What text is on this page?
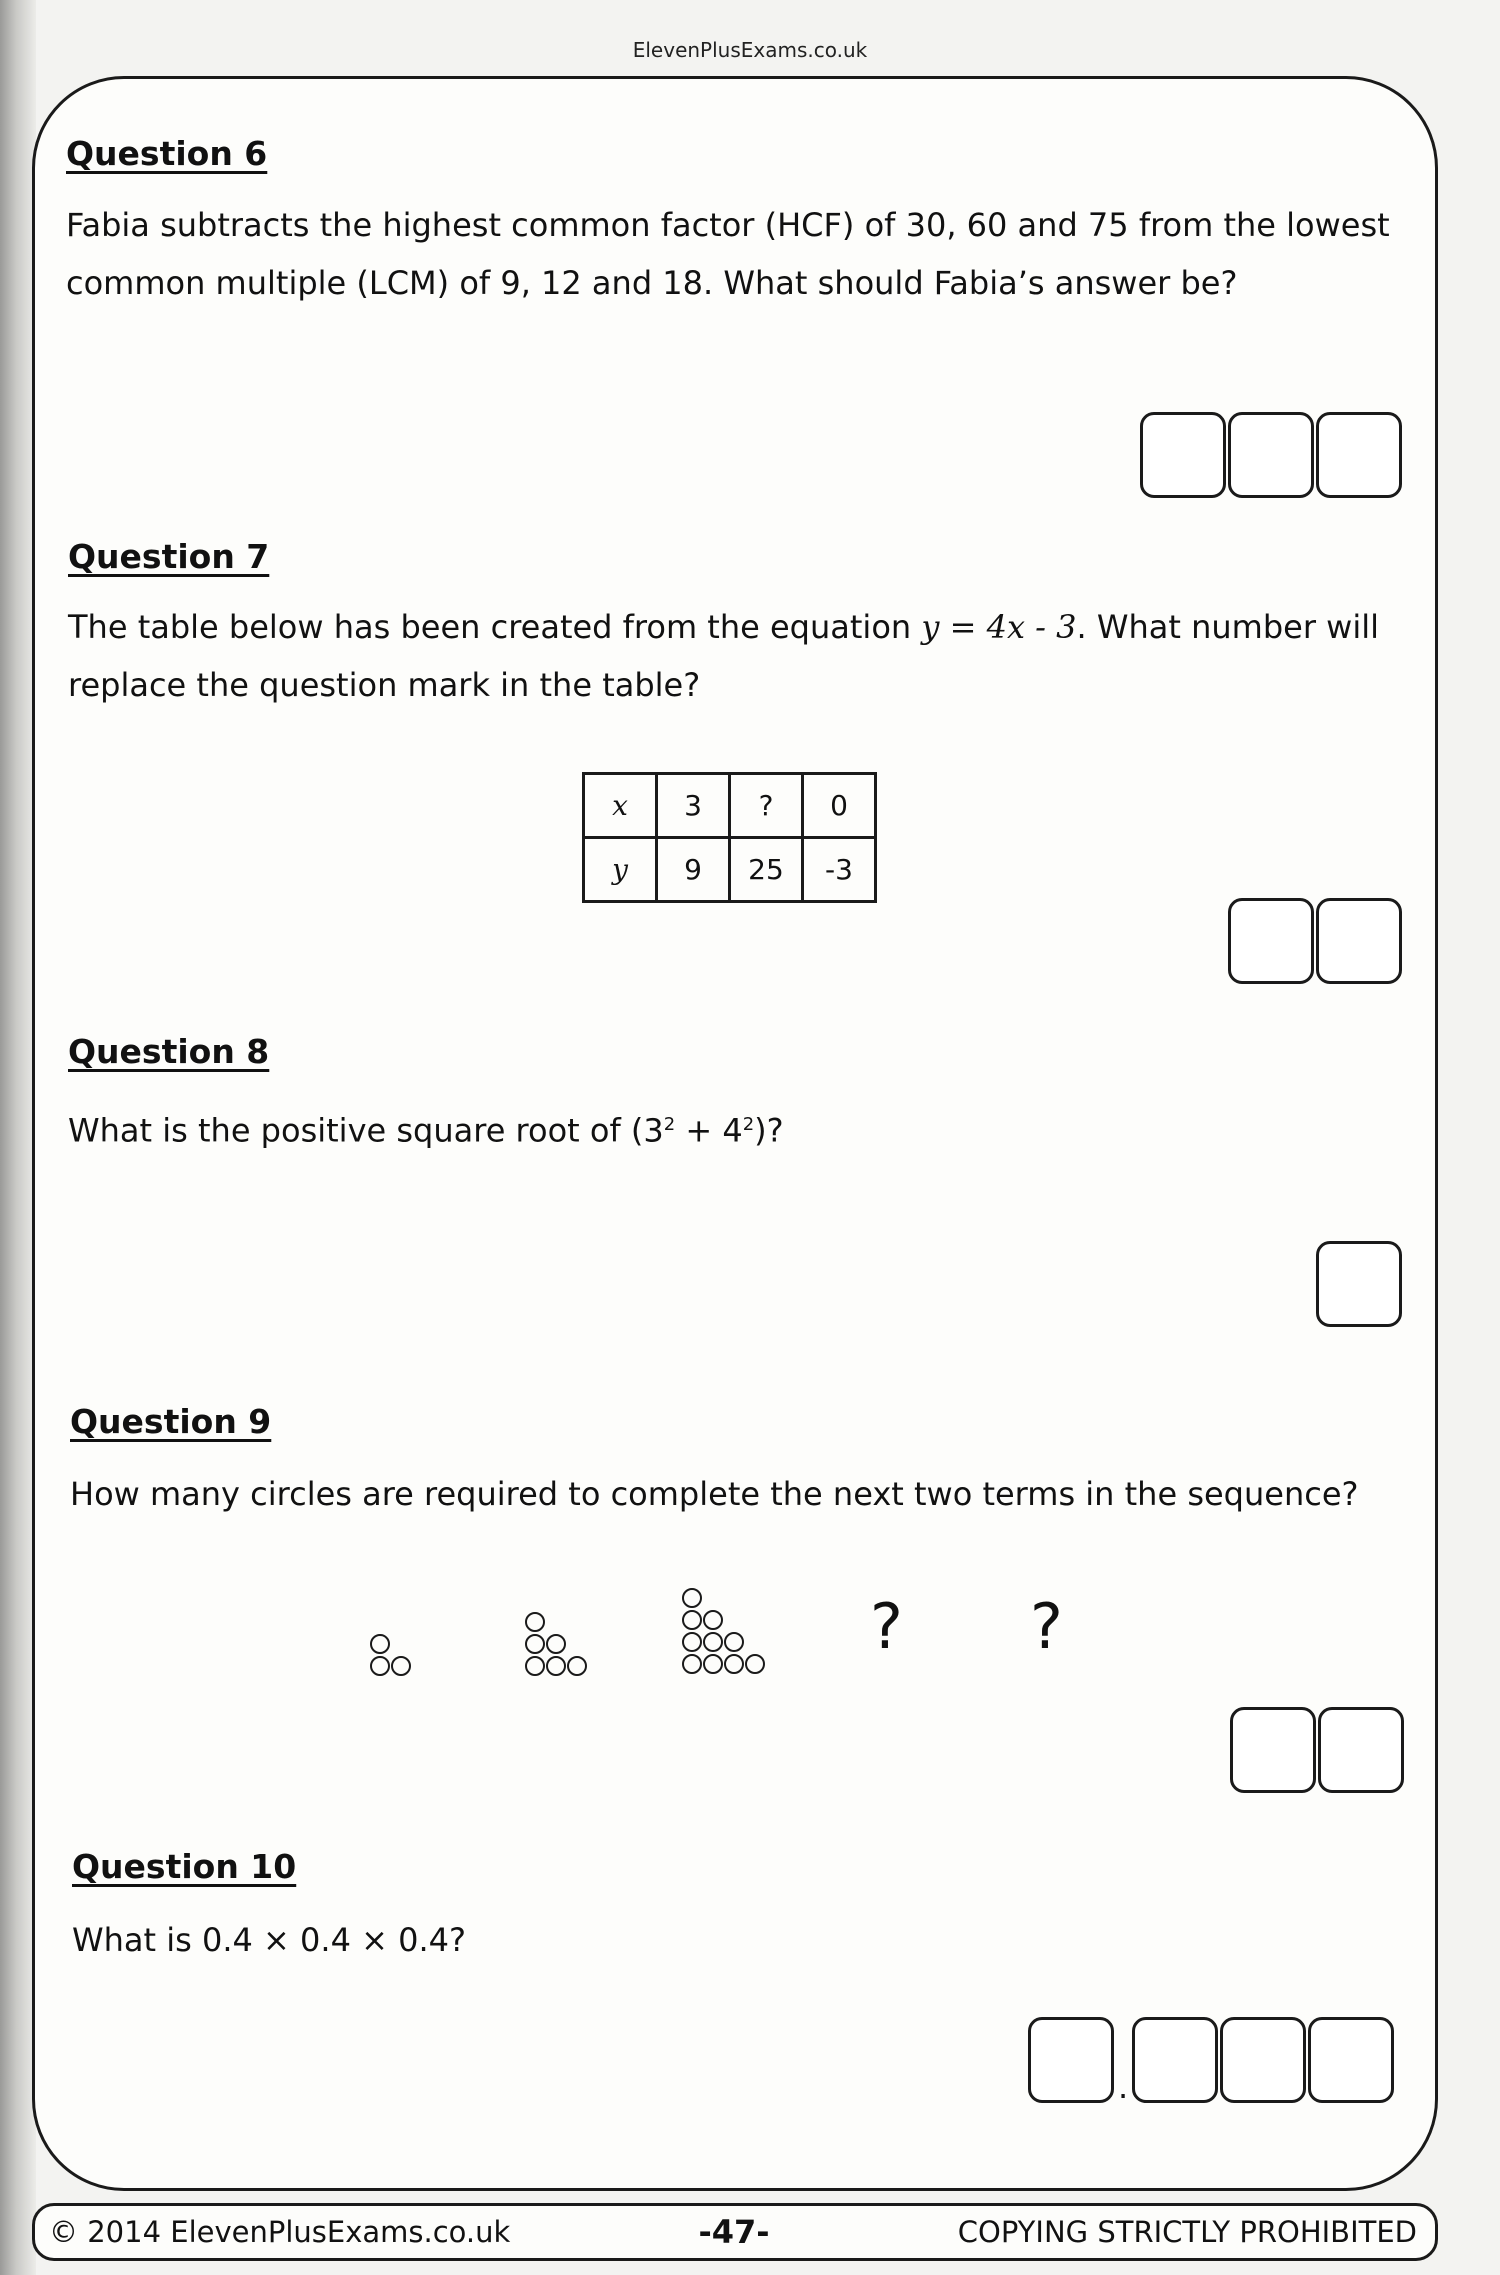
ElevenPlusExams.co.uk
Question 6
Fabia subtracts the highest common factor (HCF) of 30, 60 and 75 from the lowest
common multiple (LCM) of 9, 12 and 18. What should Fabia’s answer be?
Question 7
The table below has been created from the equation y = 4x - 3. What number will
replace the question mark in the table?
x	3	?	0
y	9	25	-3
Question 8
What is the positive square root of $(3^2 + 4^2)$?
Question 9
How many circles are required to complete the next two terms in the sequence?
? ?
Question 10
What is 0.4 × 0.4 × 0.4?
.
© 2014 ElevenPlusExams.co.uk	-47-	COPYING STRICTLY PROHIBITED
